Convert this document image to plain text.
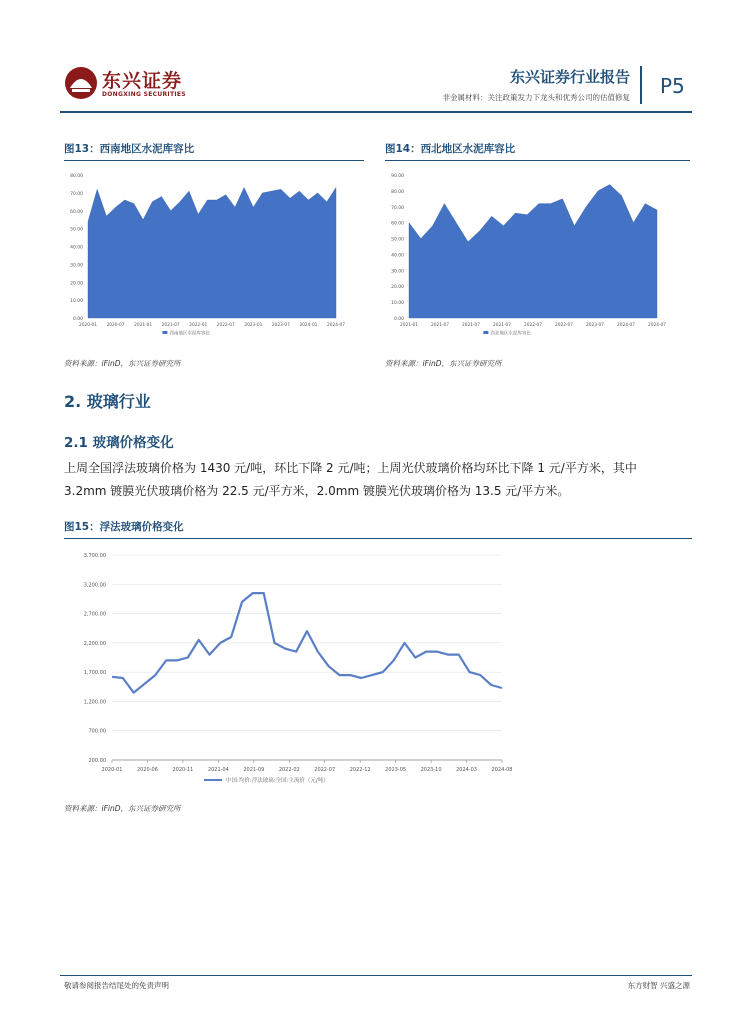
东兴证券
DONGXING SECURITIES
东兴证券行业报告
非金属材料：关注政策发力下龙头和优秀公司的估值修复 P5
图13：西南地区水泥库容比
80.00
70.00
60.00
50.00
40.00
30.00
20.00
10.00
0.00
2020-01 2020-07 2021-01 2021-07 2022-01 2022-07 2023-01 2023-07 2024-01 2024-07
西南地区水泥库容比
资料来源：iFinD，东兴证券研究所
图14：西北地区水泥库容比
90.00
80.00
70.00
60.00
50.00
40.00
30.00
20.00
10.00
0.00
2021-01	2021-07	2021-07	2021-07	2022-07	2022-07	2023-07	2024-07	2024-07
西北地区水泥库容比
资料来源：iFinD，东兴证券研究所
2. 玻璃行业
2.1 玻璃价格变化
上周全国浮法玻璃价格为 1430 元/吨，环比下降 2 元/吨；上周光伏玻璃价格均环比下降 1 元/平方米，其中
3.2mm 镀膜光伏玻璃价格为 22.5 元/平方米，2.0mm 镀膜光伏玻璃价格为 13.5 元/平方米。
图15：浮法玻璃价格变化
3,700.00
3,200.00
2,700.00
2,200.00
1,700.00
1,200.00
700.00
200.00
2020-01	2020-06	2020-11	2021-04	2021-09	2022-02	2022-07	2022-12	2023-05	2023-10	2024-03	2024-08
中国:均价:浮法玻璃:全国:主流价（元/吨）
资料来源：iFinD，东兴证券研究所
敬请参阅报告结尾处的免责声明	东方财智 兴盛之源
